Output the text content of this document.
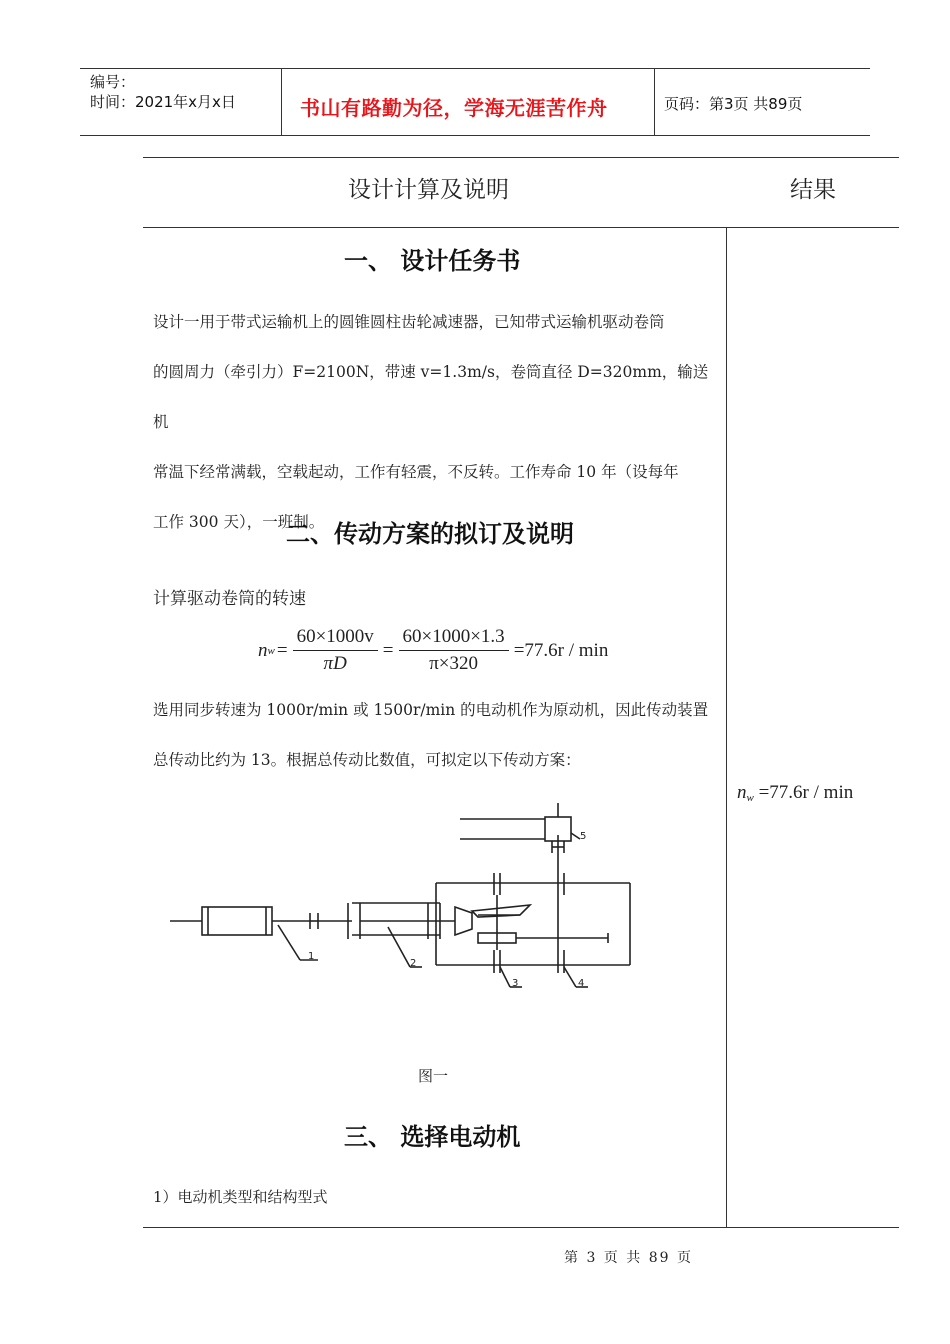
编号：
时间：2021年x月x日	书山有路勤为径，学海无涯苦作舟	页码：第3页 共89页
设计计算及说明	结果
一、 设计任务书
设计一用于带式运输机上的圆锥圆柱齿轮减速器，已知带式运输机驱动卷筒
的圆周力（牵引力）F=2100N，带速 v=1.3m/s，卷筒直径 D=320mm，输送机
常温下经常满载，空载起动，工作有轻震，不反转。工作寿命 10 年（设每年
工作 300 天），一班制。
二、传动方案的拟订及说明
计算驱动卷筒的转速
n $w = \frac{60\times 1000v}{\pi D} = \frac{60\times 1000\times 1.3}{\pi\times 320} =77.6r / \min$
选用同步转速为 1000r/min 或 1500r/min 的电动机作为原动机，因此传动装置
总传动比约为 13。根据总传动比数值，可拟定以下传动方案：
1
2
3	4
5
图一
三、 选择电动机
1）电动机类型和结构型式
$n_w =77.6r / \min$
第 3 页 共 89 页
